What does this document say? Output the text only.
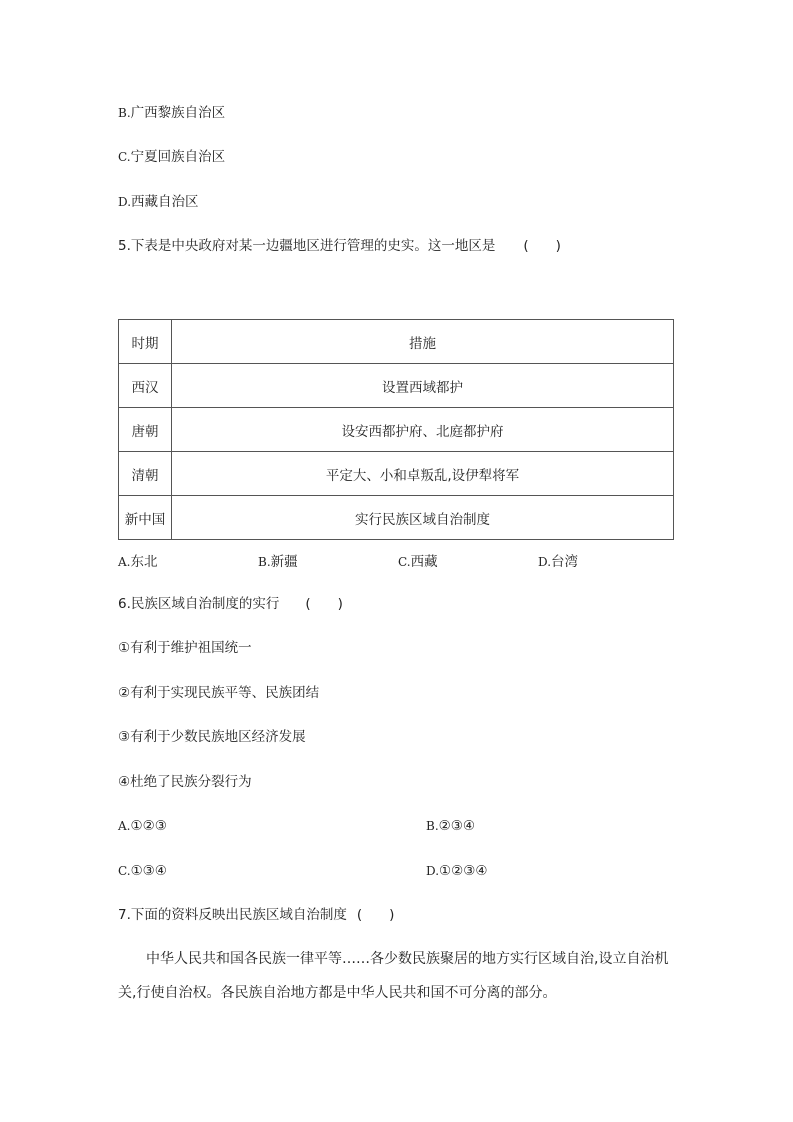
B.广西黎族自治区
C.宁夏回族自治区
D.西藏自治区
5.下表是中央政府对某一边疆地区进行管理的史实。这一地区是 (　　)
时期	措施
西汉	设置西域都护
唐朝	设安西都护府、北庭都护府
清朝	平定大、小和卓叛乱,设伊犁将军
新中国	实行民族区域自治制度
A.东北	B.新疆	C.西藏	D.台湾
6.民族区域自治制度的实行 (　　)
①有利于维护祖国统一
②有利于实现民族平等、民族团结
③有利于少数民族地区经济发展
④杜绝了民族分裂行为
A.①②③	B.②③④
C.①③④	D.①②③④
7.下面的资料反映出民族区域自治制度 (　　)
中华人民共和国各民族一律平等……各少数民族聚居的地方实行区域自治,设立自治机关,行使自治权。各民族自治地方都是中华人民共和国不可分离的部分。
